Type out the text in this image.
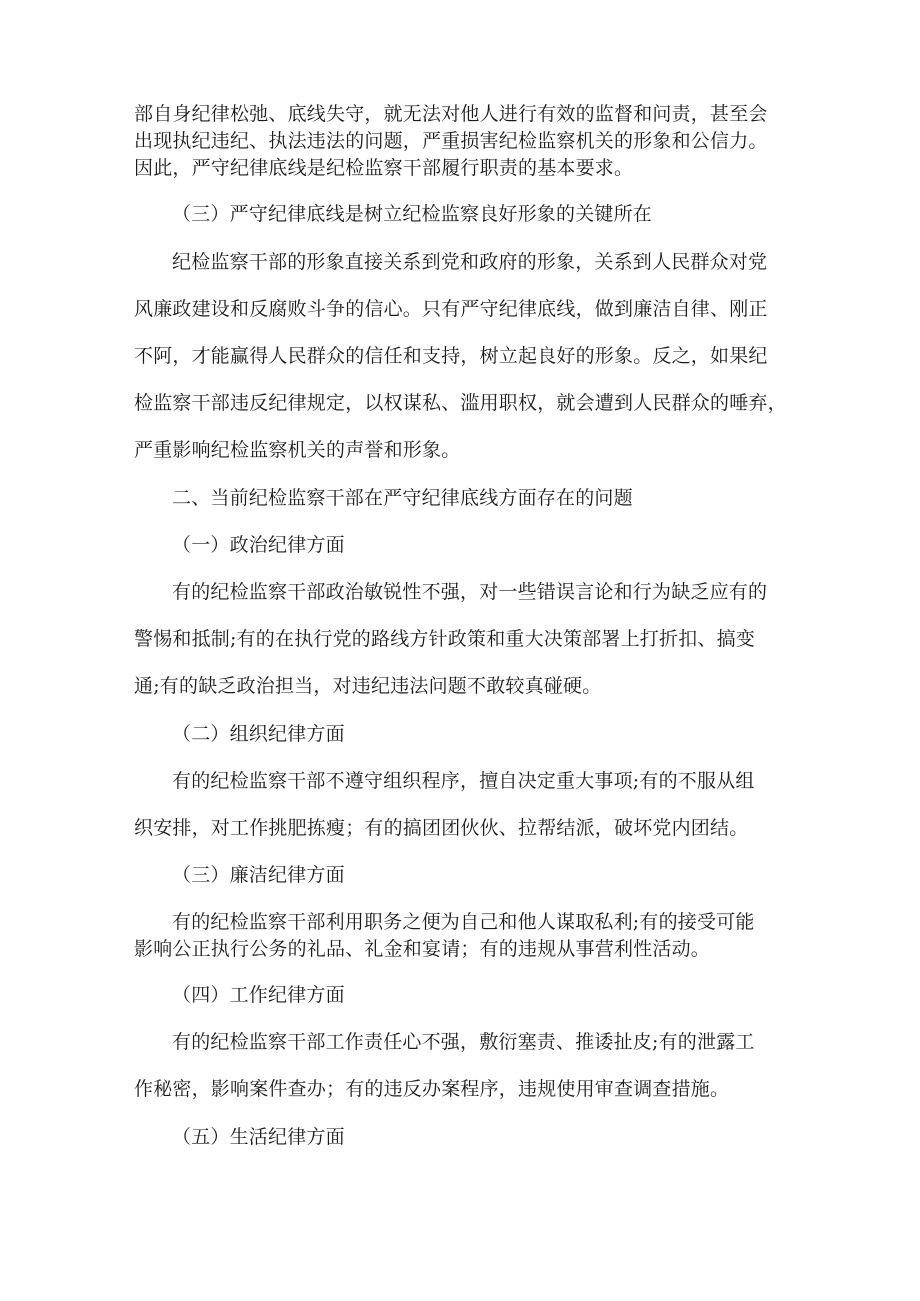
部自身纪律松弛、底线失守，就无法对他人进行有效的监督和问责，甚至会
出现执纪违纪、执法违法的问题，严重损害纪检监察机关的形象和公信力。
因此，严守纪律底线是纪检监察干部履行职责的基本要求。
（三）严守纪律底线是树立纪检监察良好形象的关键所在
纪检监察干部的形象直接关系到党和政府的形象，关系到人民群众对党
风廉政建设和反腐败斗争的信心。只有严守纪律底线，做到廉洁自律、刚正
不阿，才能赢得人民群众的信任和支持，树立起良好的形象。反之，如果纪
检监察干部违反纪律规定，以权谋私、滥用职权，就会遭到人民群众的唾弃，
严重影响纪检监察机关的声誉和形象。
二、当前纪检监察干部在严守纪律底线方面存在的问题
（一）政治纪律方面
有的纪检监察干部政治敏锐性不强，对一些错误言论和行为缺乏应有的
警惕和抵制;有的在执行党的路线方针政策和重大决策部署上打折扣、搞变
通;有的缺乏政治担当，对违纪违法问题不敢较真碰硬。
（二）组织纪律方面
有的纪检监察干部不遵守组织程序，擅自决定重大事项;有的不服从组
织安排，对工作挑肥拣瘦；有的搞团团伙伙、拉帮结派，破坏党内团结。
（三）廉洁纪律方面
有的纪检监察干部利用职务之便为自己和他人谋取私利;有的接受可能
影响公正执行公务的礼品、礼金和宴请；有的违规从事营利性活动。
（四）工作纪律方面
有的纪检监察干部工作责任心不强，敷衍塞责、推诿扯皮;有的泄露工
作秘密，影响案件查办；有的违反办案程序，违规使用审查调查措施。
（五）生活纪律方面
